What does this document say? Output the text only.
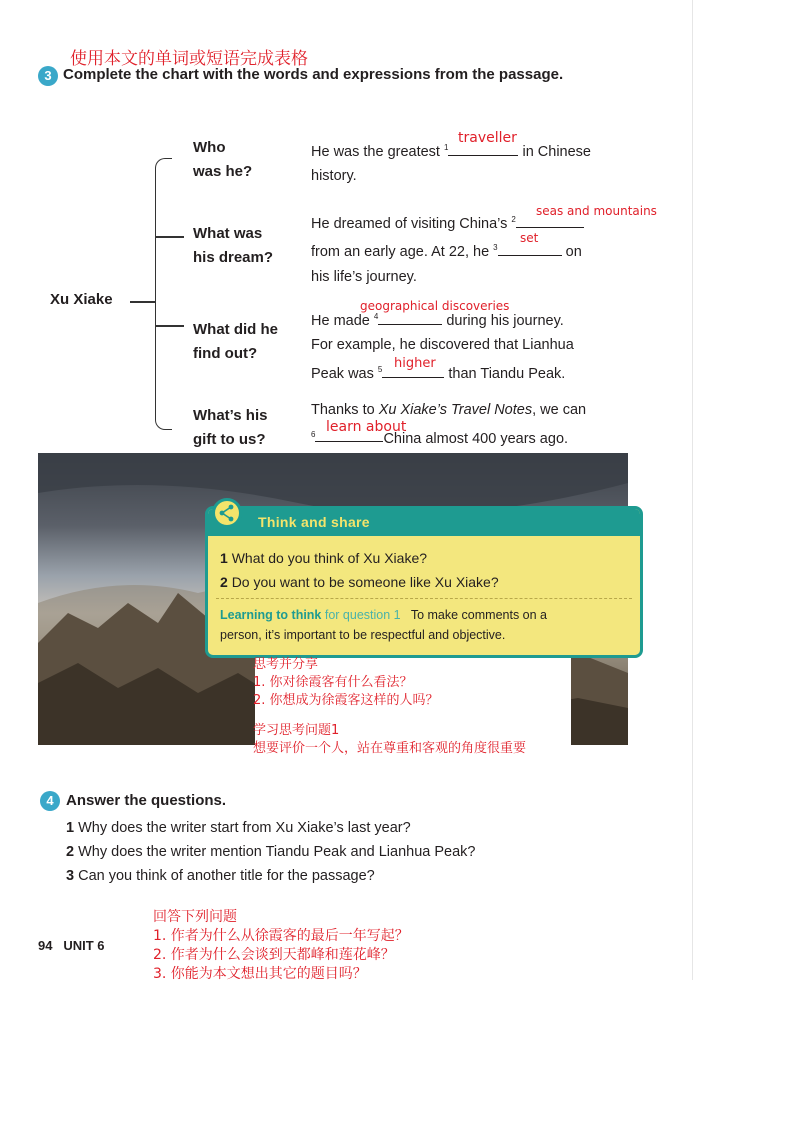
使用本文的单词或短语完成表格
3 Complete the chart with the words and expressions from the passage.
Xu Xiake
Who
was he?
He was the greatest $^1$	in Chinese
history.
traveller
What was
his dream?
He dreamed of visiting China’s $^2$
from an early age. At 22, he $^3$	on
his life’s journey.
seas and mountains
set
What did he
find out?
He made $^4$	during his journey.
For example, he discovered that Lianhua
Peak was $^5$	than Tiandu Peak.
geographical discoveries
higher
What’s his
gift to us?
Thanks to Xu Xiake’s Travel Notes, we can
$^6$	China almost 400 years ago.
learn about
Think and share
1 What do you think of Xu Xiake?
2 Do you want to be someone like Xu Xiake?
Learning to think for question 1 To make comments on a
person, it’s important to be respectful and objective.
思考并分享
1. 你对徐霞客有什么看法？
2. 你想成为徐霞客这样的人吗？
学习思考问题1
想要评价一个人，站在尊重和客观的角度很重要
4 Answer the questions.
1 Why does the writer start from Xu Xiake’s last year?
2 Why does the writer mention Tiandu Peak and Lianhua Peak?
3 Can you think of another title for the passage?
回答下列问题
1. 作者为什么从徐霞客的最后一年写起？
2. 作者为什么会谈到天都峰和莲花峰？
3. 你能为本文想出其它的题目吗？
94 UNIT 6
